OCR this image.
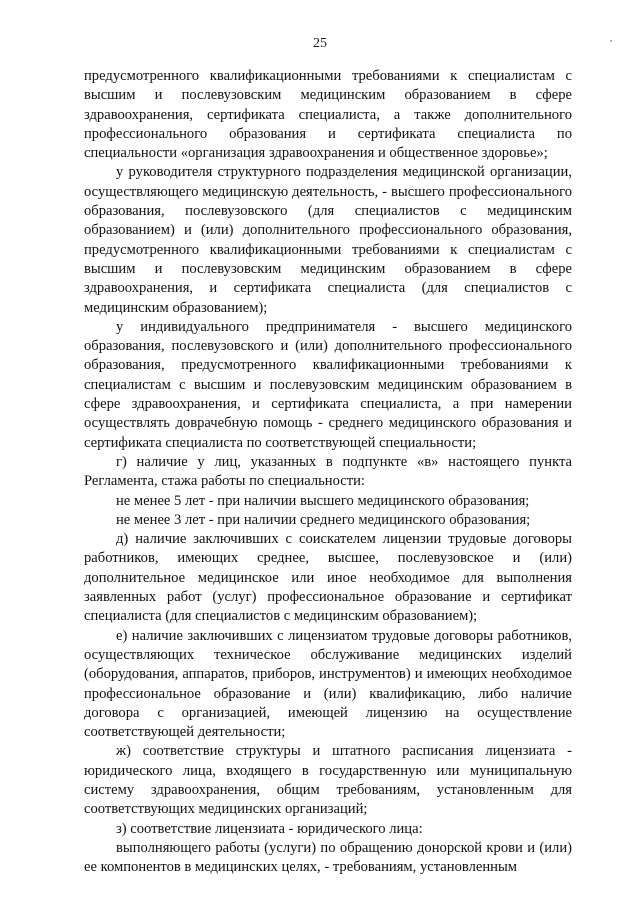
25

предусмотренного квалификационными требованиями к специалистам с высшим и послевузовским медицинским образованием в сфере здравоохранения, сертификата специалиста, а также дополнительного профессионального образования и сертификата специалиста по специальности «организация здравоохранения и общественное здоровье»;

у руководителя структурного подразделения медицинской организации, осуществляющего медицинскую деятельность, - высшего профессионального образования, послевузовского (для специалистов с медицинским образованием) и (или) дополнительного профессионального образования, предусмотренного квалификационными требованиями к специалистам с высшим и послевузовским медицинским образованием в сфере здравоохранения, и сертификата специалиста (для специалистов с медицинским образованием);

у индивидуального предпринимателя - высшего медицинского образования, послевузовского и (или) дополнительного профессионального образования, предусмотренного квалификационными требованиями к специалистам с высшим и послевузовским медицинским образованием в сфере здравоохранения, и сертификата специалиста, а при намерении осуществлять доврачебную помощь - среднего медицинского образования и сертификата специалиста по соответствующей специальности;

г) наличие у лиц, указанных в подпункте «в» настоящего пункта Регламента, стажа работы по специальности:

не менее 5 лет - при наличии высшего медицинского образования;

не менее 3 лет - при наличии среднего медицинского образования;

д) наличие заключивших с соискателем лицензии трудовые договоры работников, имеющих среднее, высшее, послевузовское и (или) дополнительное медицинское или иное необходимое для выполнения заявленных работ (услуг) профессиональное образование и сертификат специалиста (для специалистов с медицинским образованием);

е) наличие заключивших с лицензиатом трудовые договоры работников, осуществляющих техническое обслуживание медицинских изделий (оборудования, аппаратов, приборов, инструментов) и имеющих необходимое профессиональное образование и (или) квалификацию, либо наличие договора с организацией, имеющей лицензию на осуществление соответствующей деятельности;

ж) соответствие структуры и штатного расписания лицензиата - юридического лица, входящего в государственную или муниципальную систему здравоохранения, общим требованиям, установленным для соответствующих медицинских организаций;

з) соответствие лицензиата - юридического лица:

выполняющего работы (услуги) по обращению донорской крови и (или) ее компонентов в медицинских целях, - требованиям, установленным
